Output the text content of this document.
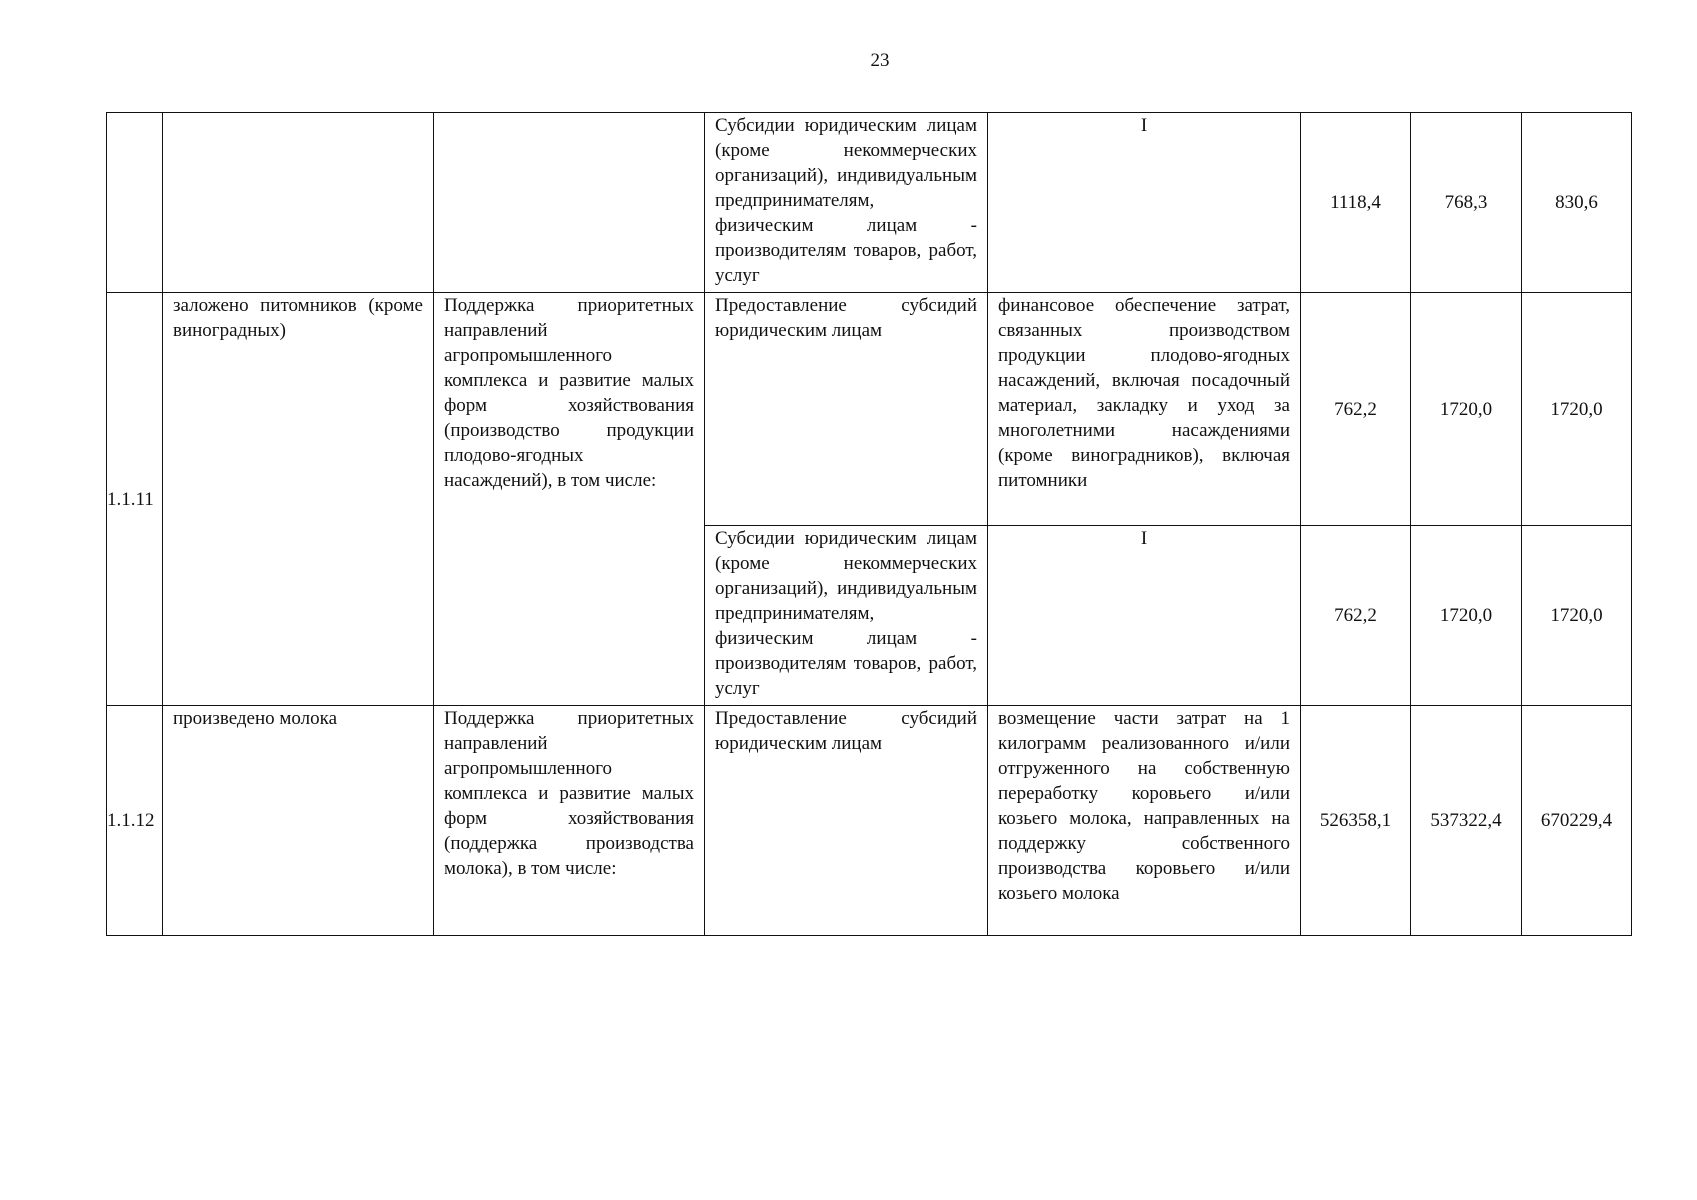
23
			Субсидии юридическим лицам (кроме некоммерческих организаций), индивидуальным предпринимателям, физическим лицам - производителям товаров, работ, услуг	I	1118,4	768,3	830,6
1.1.11	заложено питомников (кроме виноградных)	Поддержка приоритетных направлений агропромышленного комплекса и развитие малых форм хозяйствования (производство продукции плодово-ягодных насаждений), в том числе:	Предоставление субсидий юридическим лицам	финансовое обеспечение затрат, связанных производством продукции плодово-ягодных насаждений, включая посадочный материал, закладку и уход за многолетними насаждениями (кроме виноградников), включая питомники	762,2	1720,0	1720,0
			Субсидии юридическим лицам (кроме некоммерческих организаций), индивидуальным предпринимателям, физическим лицам - производителям товаров, работ, услуг	I	762,2	1720,0	1720,0
1.1.12	произведено молока	Поддержка приоритетных направлений агропромышленного комплекса и развитие малых форм хозяйствования (поддержка производства молока), в том числе:	Предоставление субсидий юридическим лицам	возмещение части затрат на 1 килограмм реализованного и/или отгруженного на собственную переработку коровьего и/или козьего молока, направленных на поддержку собственного производства коровьего и/или козьего молока	526358,1	537322,4	670229,4
